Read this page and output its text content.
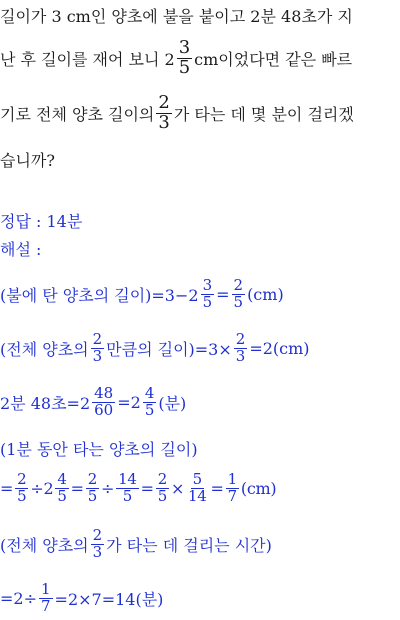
길이가 3 cm인 양초에 불을 붙이고 2분 48초가 지
난 후 길이를 재어 보니 $2 \frac{3}{5}$ cm이었다면 같은 빠르
기로 전체 양초 길이의 $\frac{2}{3}$ 가 타는 데 몇 분이 걸리겠
습니까?
정답 : 14분
해설 :
(불에 탄 양초의 길이)$=3-2 \frac{3}{5} = \frac{2}{5} (cm)$
(전체 양초의 $\frac{2}{3}$ 만큼의 길이)$=3\times \frac{2}{3} =2(cm)$
2분 48초$=2 \frac{48}{60} =2 \frac{4}{5}$ (분)
(1분 동안 타는 양초의 길이)
= $\frac{2}{5} \div 2 \frac{4}{5} = \frac{2}{5} \div \frac{14}{5} = \frac{2}{5} \times \frac{5}{14} = \frac{1}{7} (cm)$
(전체 양초의 $\frac{2}{3}$ 가 타는 데 걸리는 시간)
$=2\div \frac{1}{7} =2\times 7=14$(분)
